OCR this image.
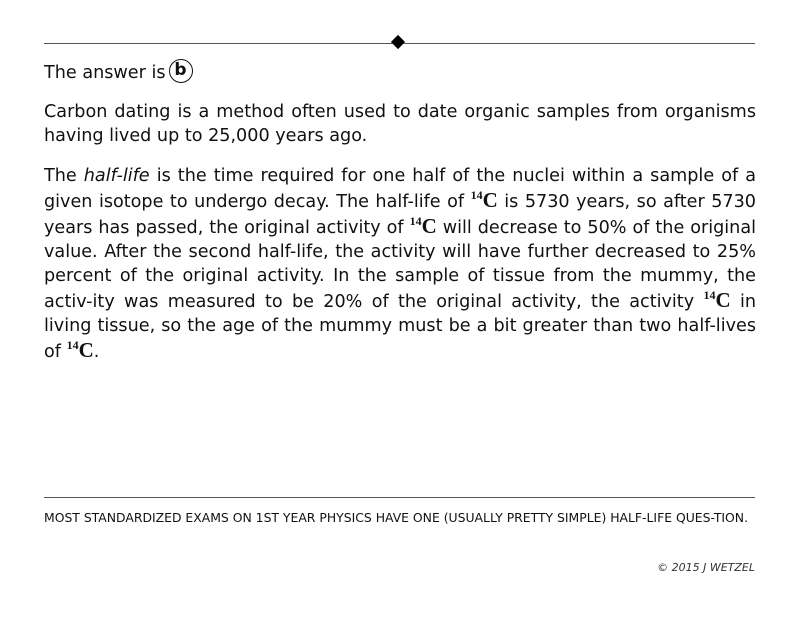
The answer is b

Carbon dating is a method often used to date organic samples from organisms having lived up to 25,000 years ago.

The half-life is the time required for one half of the nuclei within a sample of a given isotope to undergo decay. The half-life of $^{14}$C is 5730 years, so after 5730 years has passed, the original activity of $^{14}$C will decrease to 50% of the original value. After the second half-life, the activity will have further decreased to 25% percent of the original activity. In the sample of tissue from the mummy, the activ-ity was measured to be 20% of the original activity, the activity $^{14}$C in living tissue, so the age of the mummy must be a bit greater than two half-lives of $^{14}$C.

MOST STANDARDIZED EXAMS ON 1ST YEAR PHYSICS HAVE ONE (USUALLY PRETTY SIMPLE) HALF-LIFE QUES-TION.
© 2015 J WETZEL
